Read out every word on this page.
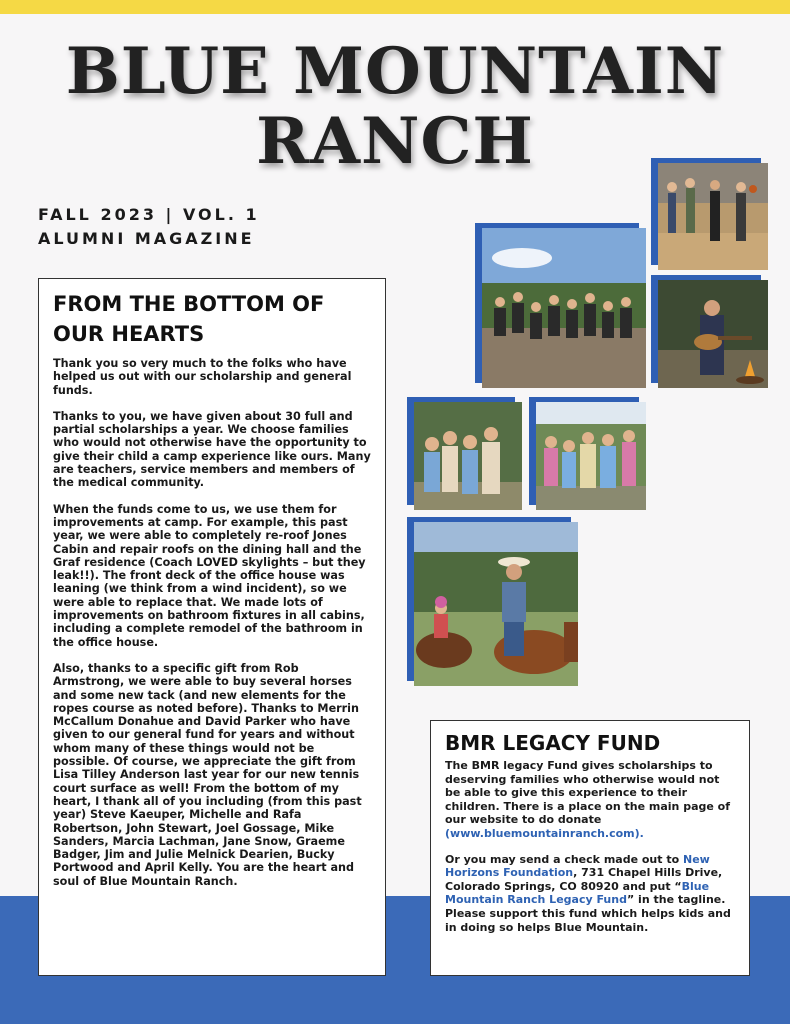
BLUE MOUNTAIN
RANCH
FALL 2023 | VOL. 1
ALUMNI MAGAZINE
FROM THE BOTTOM OF OUR HEARTS

Thank you so very much to the folks who have helped us out with our scholarship and general funds.

Thanks to you, we have given about 30 full and partial scholarships a year. We choose families who would not otherwise have the opportunity to give their child a camp experience like ours. Many are teachers, service members and members of the medical community.

When the funds come to us, we use them for improvements at camp. For example, this past year, we were able to completely re-roof Jones Cabin and repair roofs on the dining hall and the Graf residence (Coach LOVED skylights – but they leak!!). The front deck of the office house was leaning (we think from a wind incident), so we were able to replace that. We made lots of improvements on bathroom fixtures in all cabins, including a complete remodel of the bathroom in the office house.

Also, thanks to a specific gift from Rob Armstrong, we were able to buy several horses and some new tack (and new elements for the ropes course as noted before). Thanks to Merrin McCallum Donahue and David Parker who have given to our general fund for years and without whom many of these things would not be possible. Of course, we appreciate the gift from Lisa Tilley Anderson last year for our new tennis court surface as well! From the bottom of my heart, I thank all of you including (from this past year) Steve Kaeuper, Michelle and Rafa Robertson, John Stewart, Joel Gossage, Mike Sanders, Marcia Lachman, Jane Snow, Graeme Badger, Jim and Julie Melnick Dearien, Bucky Portwood and April Kelly. You are the heart and soul of Blue Mountain Ranch.

BMR LEGACY FUND

The BMR legacy Fund gives scholarships to deserving families who otherwise would not be able to give this experience to their children. There is a place on the main page of our website to do donate (www.bluemountainranch.com).

Or you may send a check made out to New Horizons Foundation, 731 Chapel Hills Drive, Colorado Springs, CO 80920 and put “Blue Mountain Ranch Legacy Fund” in the tagline. Please support this fund which helps kids and in doing so helps Blue Mountain.
